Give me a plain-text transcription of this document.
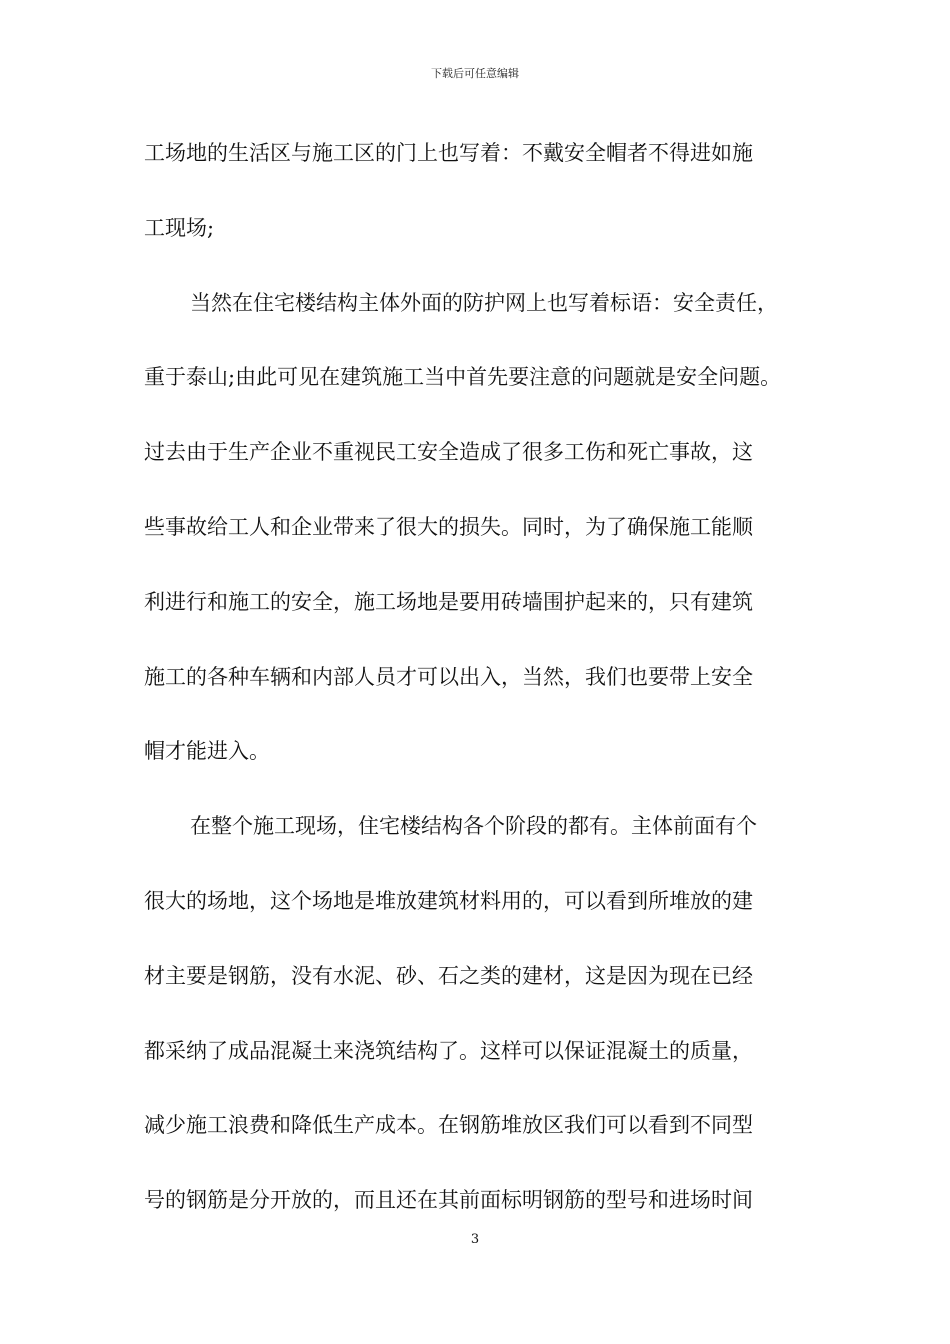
下载后可任意编辑
工场地的生活区与施工区的门上也写着：不戴安全帽者不得进如施
工现场;
当然在住宅楼结构主体外面的防护网上也写着标语：安全责任，
重于泰山;由此可见在建筑施工当中首先要注意的问题就是安全问题。
过去由于生产企业不重视民工安全造成了很多工伤和死亡事故，这
些事故给工人和企业带来了很大的损失。同时，为了确保施工能顺
利进行和施工的安全，施工场地是要用砖墙围护起来的，只有建筑
施工的各种车辆和内部人员才可以出入，当然，我们也要带上安全
帽才能进入。
在整个施工现场，住宅楼结构各个阶段的都有。主体前面有个
很大的场地，这个场地是堆放建筑材料用的，可以看到所堆放的建
材主要是钢筋，没有水泥、砂、石之类的建材，这是因为现在已经
都采纳了成品混凝土来浇筑结构了。这样可以保证混凝土的质量，
减少施工浪费和降低生产成本。在钢筋堆放区我们可以看到不同型
号的钢筋是分开放的，而且还在其前面标明钢筋的型号和进场时间
3
